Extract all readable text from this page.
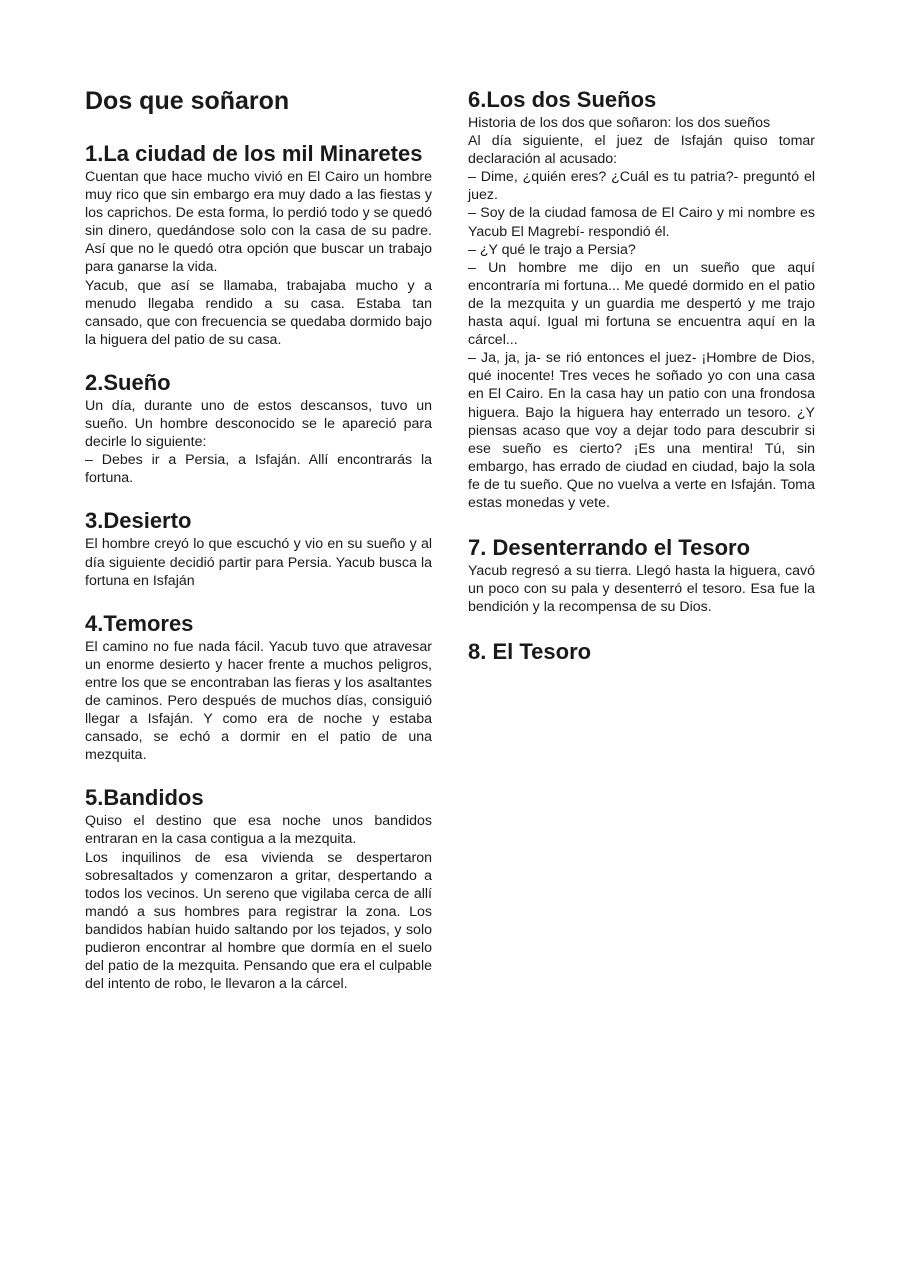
Dos que soñaron
1.La ciudad de los mil Minaretes

Cuentan que hace mucho vivió en El Cairo un hombre muy rico que sin embargo era muy dado a las fiestas y los caprichos. De esta forma, lo perdió todo y se quedó sin dinero, quedándose solo con la casa de su padre. Así que no le quedó otra opción que buscar un trabajo para ganarse la vida.

Yacub, que así se llamaba, trabajaba mucho y a menudo llegaba rendido a su casa. Estaba tan cansado, que con frecuencia se quedaba dormido bajo la higuera del patio de su casa.

2.Sueño

Un día, durante uno de estos descansos, tuvo un sueño. Un hombre desconocido se le apareció para decirle lo siguiente:

– Debes ir a Persia, a Isfaján. Allí encontrarás la fortuna.

3.Desierto

El hombre creyó lo que escuchó y vio en su sueño y al día siguiente decidió partir para Persia. Yacub busca la fortuna en Isfaján

4.Temores

El camino no fue nada fácil. Yacub tuvo que atravesar un enorme desierto y hacer frente a muchos peligros, entre los que se encontraban las fieras y los asaltantes de caminos. Pero después de muchos días, consiguió llegar a Isfaján. Y como era de noche y estaba cansado, se echó a dormir en el patio de una mezquita.

5.Bandidos

Quiso el destino que esa noche unos bandidos entraran en la casa contigua a la mezquita.

Los inquilinos de esa vivienda se despertaron sobresaltados y comenzaron a gritar, despertando a todos los vecinos. Un sereno que vigilaba cerca de allí mandó a sus hombres para registrar la zona. Los bandidos habían huido saltando por los tejados, y solo pudieron encontrar al hombre que dormía en el suelo del patio de la mezquita. Pensando que era el culpable del intento de robo, le llevaron a la cárcel.

6.Los dos Sueños

Historia de los dos que soñaron: los dos sueños

Al día siguiente, el juez de Isfaján quiso tomar declaración al acusado:

– Dime, ¿quién eres? ¿Cuál es tu patria?- preguntó el juez.

– Soy de la ciudad famosa de El Cairo y mi nombre es Yacub El Magrebí- respondió él.

– ¿Y qué le trajo a Persia?

– Un hombre me dijo en un sueño que aquí encontraría mi fortuna... Me quedé dormido en el patio de la mezquita y un guardia me despertó y me trajo hasta aquí. Igual mi fortuna se encuentra aquí en la cárcel...

– Ja, ja, ja- se rió entonces el juez- ¡Hombre de Dios, qué inocente! Tres veces he soñado yo con una casa en El Cairo. En la casa hay un patio con una frondosa higuera. Bajo la higuera hay enterrado un tesoro. ¿Y piensas acaso que voy a dejar todo para descubrir si ese sueño es cierto? ¡Es una mentira! Tú, sin embargo, has errado de ciudad en ciudad, bajo la sola fe de tu sueño. Que no vuelva a verte en Isfaján. Toma estas monedas y vete.

7. Desenterrando el Tesoro

Yacub regresó a su tierra. Llegó hasta la higuera, cavó un poco con su pala y desenterró el tesoro. Esa fue la bendición y la recompensa de su Dios.

8. El Tesoro
